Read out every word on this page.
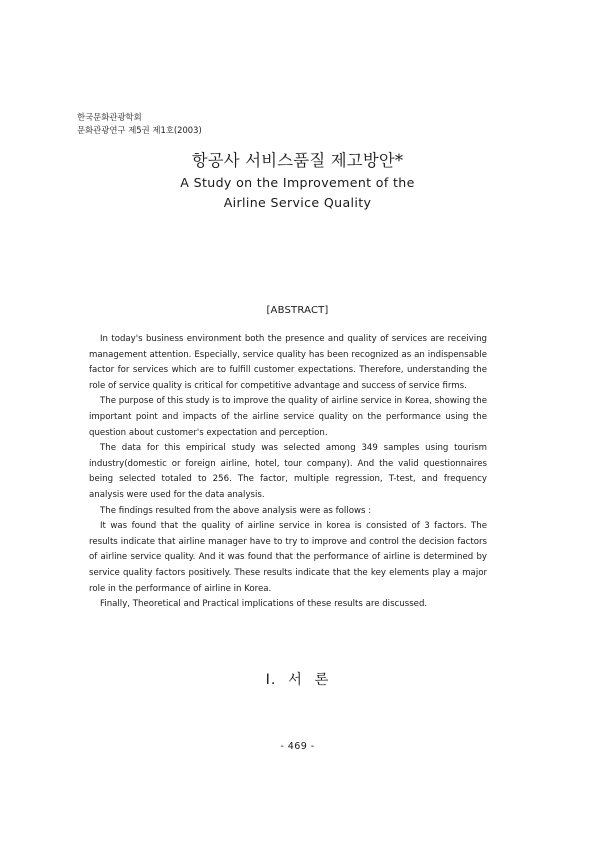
한국문화관광학회
문화관광연구 제5권 제1호(2003)
항공사 서비스품질 제고방안*
A Study on the Improvement of the
Airline Service Quality
[ABSTRACT]

In today's business environment both the presence and quality of services are receiving management attention. Especially, service quality has been recognized as an indispensable factor for services which are to fulfill customer expectations. Therefore, understanding the role of service quality is critical for competitive advantage and success of service firms.

The purpose of this study is to improve the quality of airline service in Korea, showing the important point and impacts of the airline service quality on the performance using the question about customer's expectation and perception.

The data for this empirical study was selected among 349 samples using tourism industry(domestic or foreign airline, hotel, tour company). And the valid questionnaires being selected totaled to 256. The factor, multiple regression, T-test, and frequency analysis were used for the data analysis.

The findings resulted from the above analysis were as follows :

It was found that the quality of airline service in korea is consisted of 3 factors. The results indicate that airline manager have to try to improve and control the decision factors of airline service quality. And it was found that the performance of airline is determined by service quality factors positively. These results indicate that the key elements play a major role in the performance of airline in Korea.

Finally, Theoretical and Practical implications of these results are discussed.

Ⅰ. 서 론
- 469 -
